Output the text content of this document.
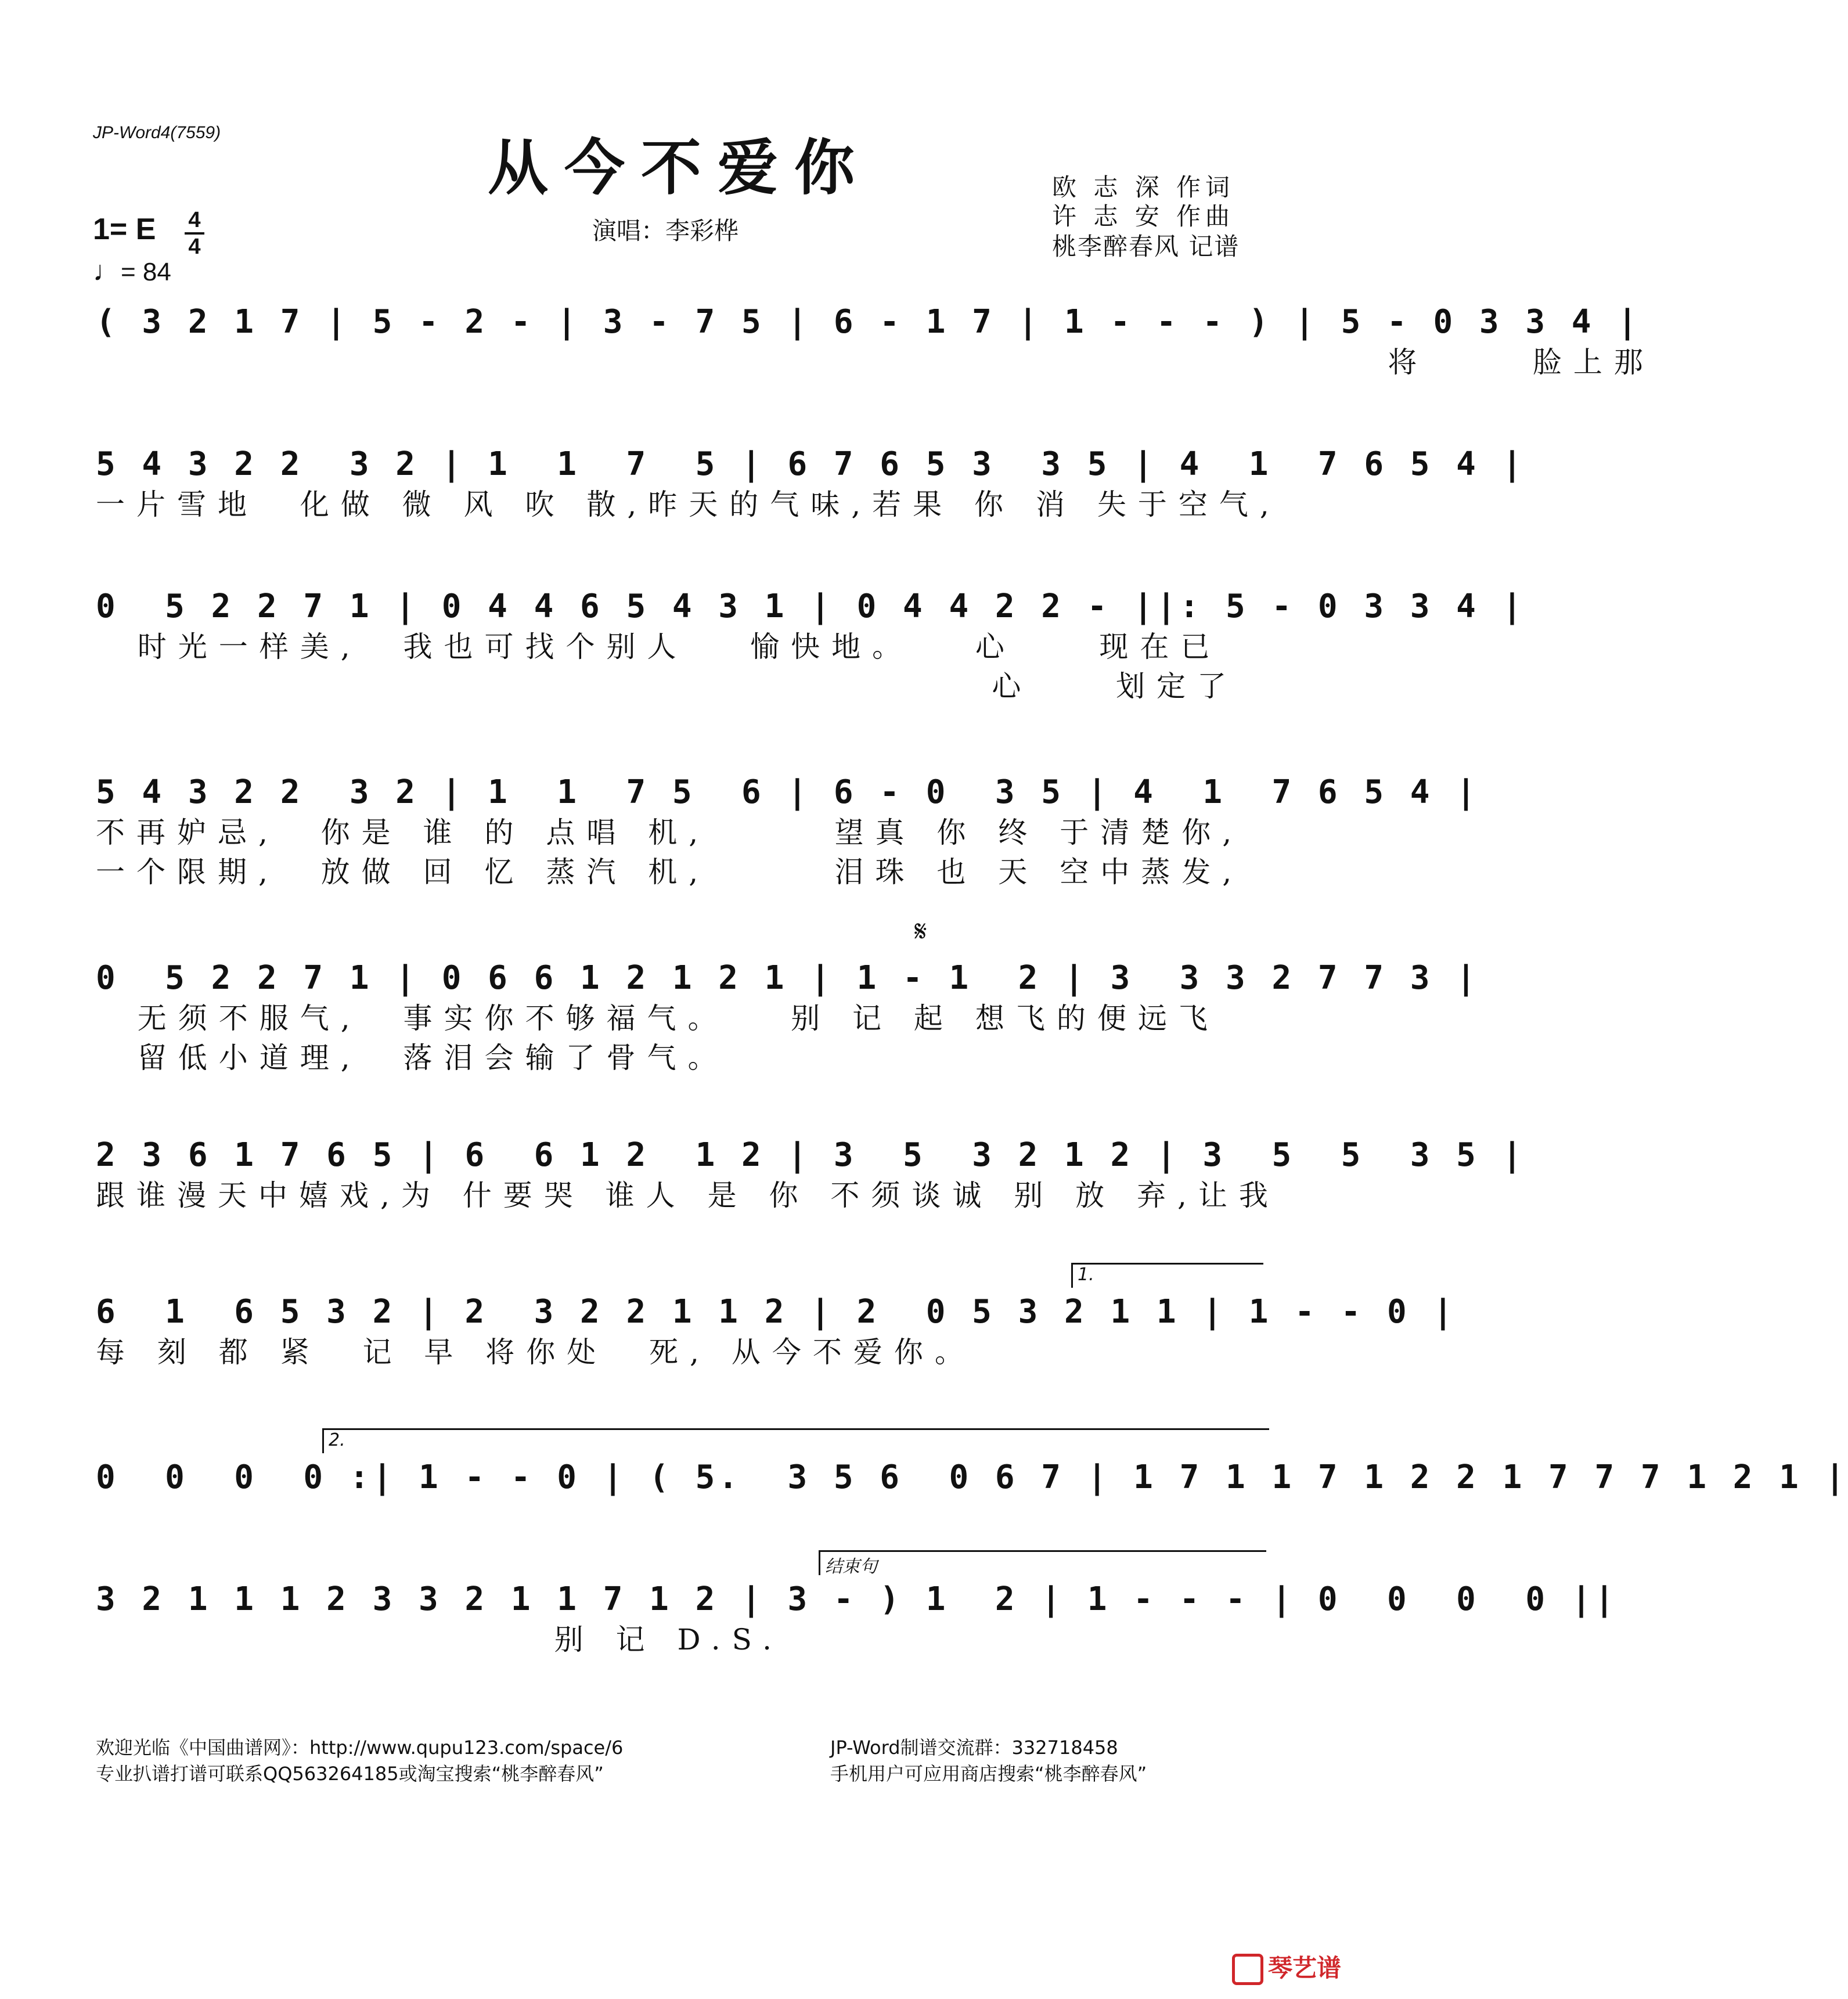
JP-Word4(7559)	从今不爱你
演唱：李彩桦
欧 志 深 作词
许 志 安 作曲
桃李醉春风 记谱
1= E 4
4
♩= 84
( 3 2 1 7 | 5 - 2 - | 3 - 7 5 | 6 - 1 7 | 1 - - - ) | 5 - 0 3 3 4 |
将     脸上那
5 4 3 2 2  3 2 | 1  1  7  5 | 6 7 6 5 3  3 5 | 4  1  7 6 5 4 |
一片雪地  化做 微 风 吹 散,昨天的气味,若果 你 消 失于空气,
0  5 2 2 7 1 | 0 4 4 6 5 4 3 1 | 0 4 4 2 2 - ||: 5 - 0 3 3 4 |
时光一样美,  我也可找个别人   愉快地。   心    现在已
心    划定了
5 4 3 2 2  3 2 | 1  1  7 5  6 | 6 - 0  3 5 | 4  1  7 6 5 4 |
不再妒忌,  你是 谁 的 点唱 机,      望真 你 终 于清楚你,
一个限期,  放做 回 忆 蒸汽 机,      泪珠 也 天 空中蒸发,
𝄋
0  5 2 2 7 1 | 0 6 6 1 2 1 2 1 | 1 - 1  2 | 3  3 3 2 7 7 3 |
无须不服气,  事实你不够福气。   别 记 起 想飞的便远飞
留低小道理,  落泪会输了骨气。
2 3 6 1 7 6 5 | 6  6 1 2  1 2 | 3  5  3 2 1 2 | 3  5  5  3 5 |
跟谁漫天中嬉戏,为 什要哭 谁人 是 你 不须谈诚 别 放 弃,让我
1.
6  1  6 5 3 2 | 2  3 2 2 1 1 2 | 2  0 5 3 2 1 1 | 1 - - 0 |
每 刻 都 紧  记 早 将你处  死, 从今不爱你。
2.
0  0  0  0 :| 1 - - 0 | ( 5.  3 5 6  0 6 7 | 1 7 1 1 7 1 2 2 1 7 7 7 1 2 1 |
结束句
3 2 1 1 1 2 3 3 2 1 1 7 1 2 | 3 - ) 1  2 | 1 - - - | 0  0  0  0 ||
别 记 D.S.
欢迎光临《中国曲谱网》：http://www.qupu123.com/space/6
专业扒谱打谱可联系QQ563264185或淘宝搜索“桃李醉春风”
JP-Word制谱交流群：332718458
手机用户可应用商店搜索“桃李醉春风”
琴艺谱
